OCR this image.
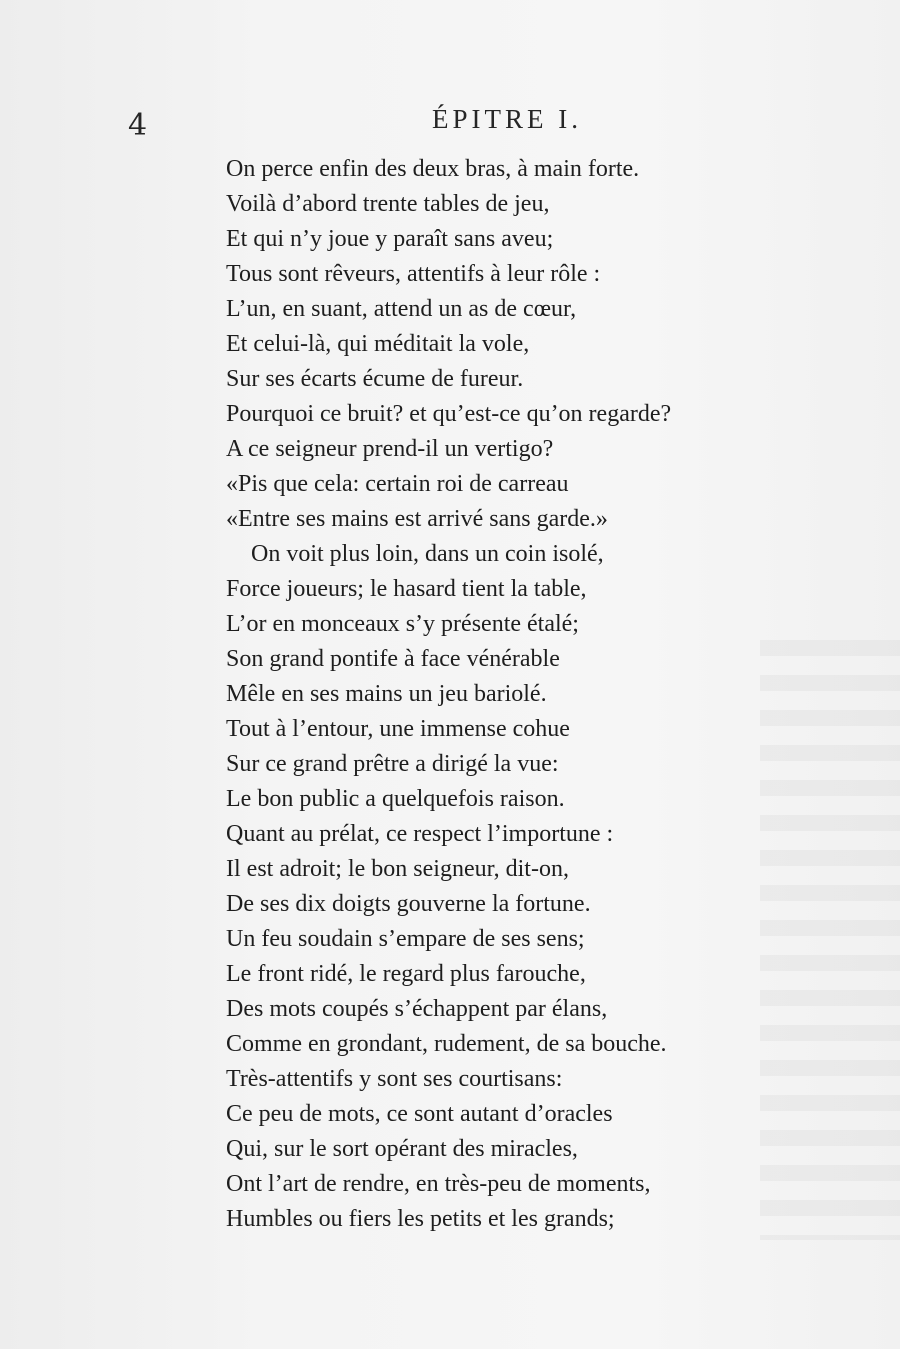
4	ÉPITRE I.
On perce enfin des deux bras, à main forte.
Voilà d’abord trente tables de jeu,
Et qui n’y joue y paraît sans aveu;
Tous sont rêveurs, attentifs à leur rôle :
L’un, en suant, attend un as de cœur,
Et celui-là, qui méditait la vole,
Sur ses écarts écume de fureur.
Pourquoi ce bruit? et qu’est-ce qu’on regarde?
A ce seigneur prend-il un vertigo?
«Pis que cela: certain roi de carreau
«Entre ses mains est arrivé sans garde.»
On voit plus loin, dans un coin isolé,
Force joueurs; le hasard tient la table,
L’or en monceaux s’y présente étalé;
Son grand pontife à face vénérable
Mêle en ses mains un jeu bariolé.
Tout à l’entour, une immense cohue
Sur ce grand prêtre a dirigé la vue:
Le bon public a quelquefois raison.
Quant au prélat, ce respect l’importune :
Il est adroit; le bon seigneur, dit-on,
De ses dix doigts gouverne la fortune.
Un feu soudain s’empare de ses sens;
Le front ridé, le regard plus farouche,
Des mots coupés s’échappent par élans,
Comme en grondant, rudement, de sa bouche.
Très-attentifs y sont ses courtisans:
Ce peu de mots, ce sont autant d’oracles
Qui, sur le sort opérant des miracles,
Ont l’art de rendre, en très-peu de moments,
Humbles ou fiers les petits et les grands;
